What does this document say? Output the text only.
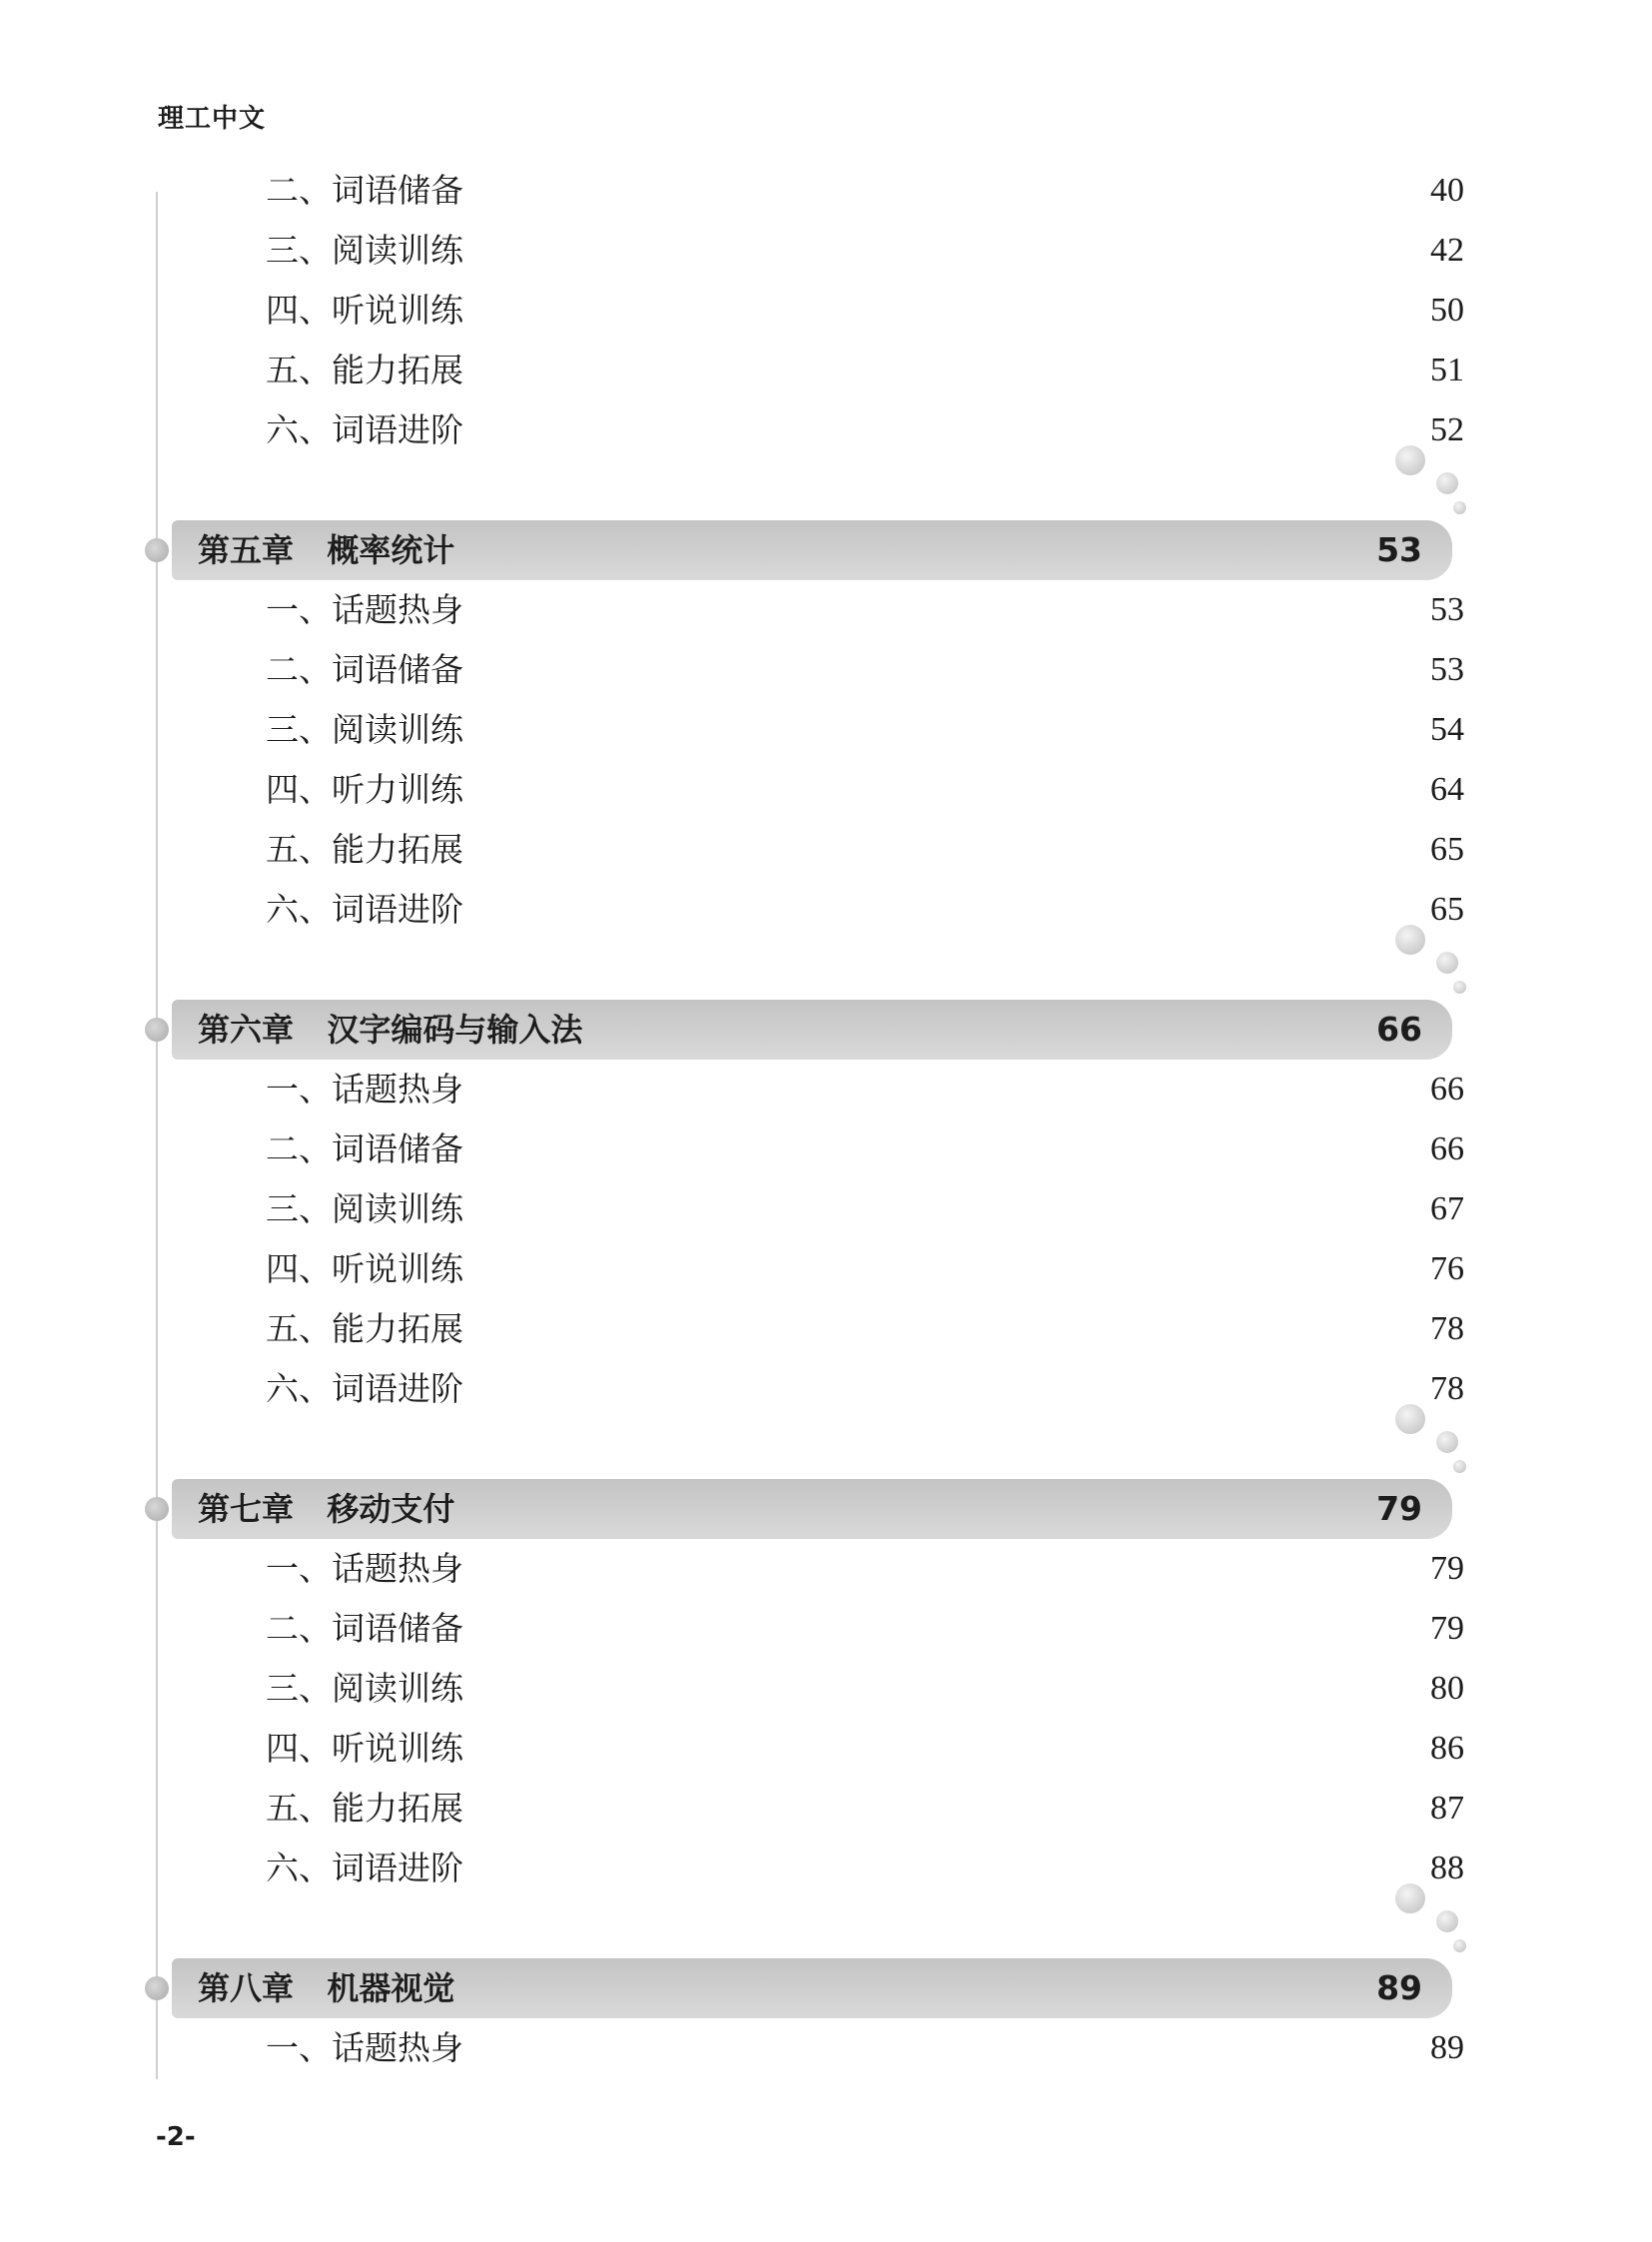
理工中文
二、词语储备	40
三、阅读训练	42
四、听说训练	50
五、能力拓展	51
六、词语进阶	52
第五章   概率统计	53
一、话题热身	53
二、词语储备	53
三、阅读训练	54
四、听力训练	64
五、能力拓展	65
六、词语进阶	65
第六章   汉字编码与输入法	66
一、话题热身	66
二、词语储备	66
三、阅读训练	67
四、听说训练	76
五、能力拓展	78
六、词语进阶	78
第七章   移动支付	79
一、话题热身	79
二、词语储备	79
三、阅读训练	80
四、听说训练	86
五、能力拓展	87
六、词语进阶	88
第八章   机器视觉	89
一、话题热身	89
-2-
